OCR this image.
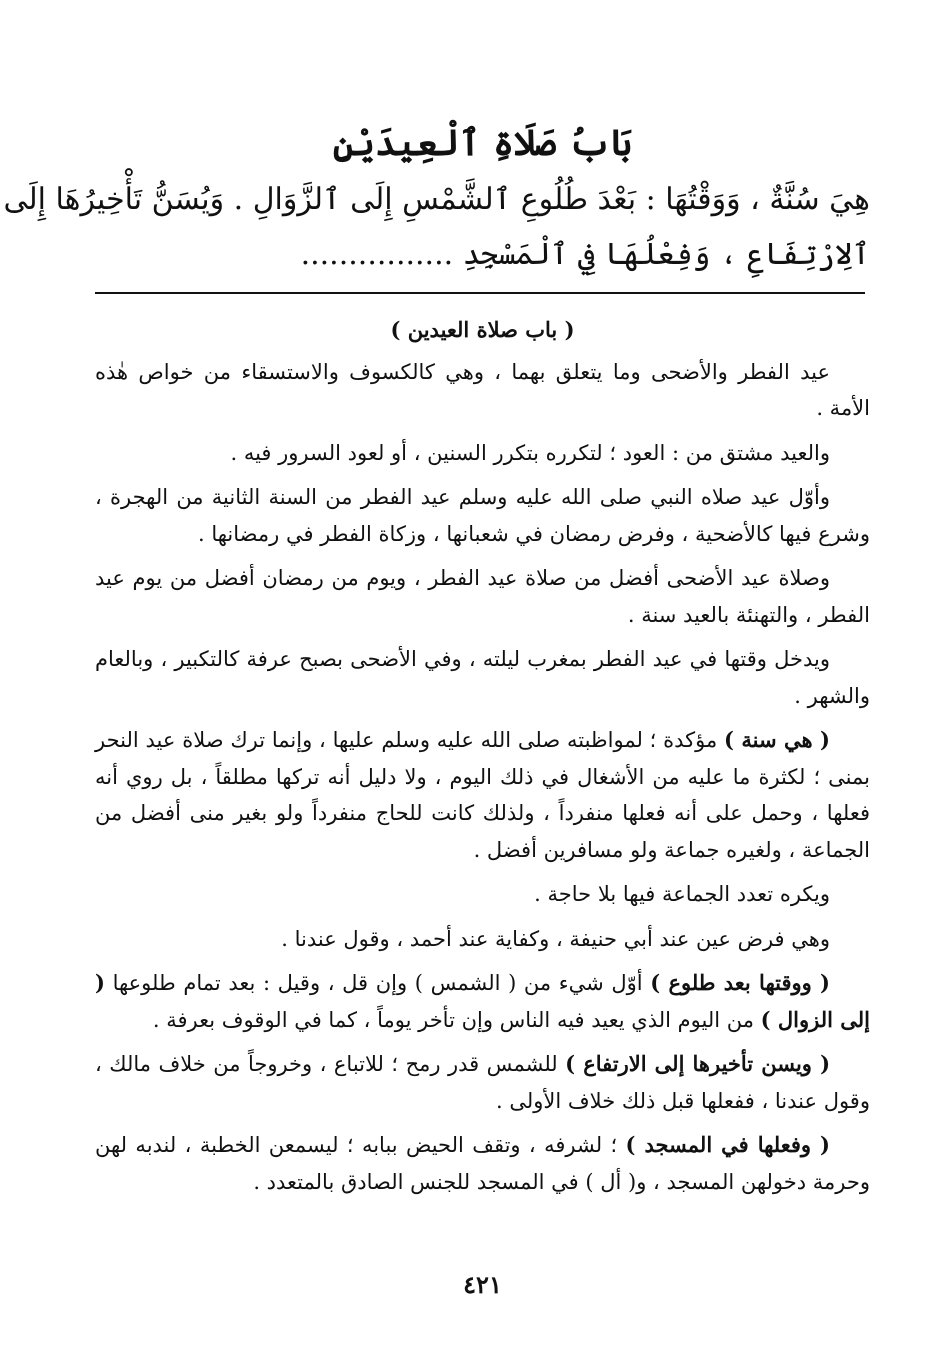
بَابُ صَلَاةِ ٱلْعِيدَيْنِ
هِيَ سُنَّةٌ ، وَوَقْتُهَا : بَعْدَ طُلُوعِ ٱلشَّمْسِ إِلَى ٱلزَّوَالِ . وَيُسَنُّ تَأْخِيرُهَا إِلَى
ٱلِارْتِفَاعِ ، وَفِعْلُهَا فِي ٱلْمَسْجِدِ ................

( باب صلاة العيدين )

عيد الفطر والأضحى وما يتعلق بهما ، وهي كالكسوف والاستسقاء من خواص هٰذه الأمة .

والعيد مشتق من : العود ؛ لتكرره بتكرر السنين ، أو لعود السرور فيه .

وأوّل عيد صلاه النبي صلى الله عليه وسلم عيد الفطر من السنة الثانية من الهجرة ، وشرع فيها كالأضحية ، وفرض رمضان في شعبانها ، وزكاة الفطر في رمضانها .

وصلاة عيد الأضحى أفضل من صلاة عيد الفطر ، ويوم من رمضان أفضل من يوم عيد الفطر ، والتهنئة بالعيد سنة .

ويدخل وقتها في عيد الفطر بمغرب ليلته ، وفي الأضحى بصبح عرفة كالتكبير ، وبالعام والشهر .

( هي سنة ) مؤكدة ؛ لمواظبته صلى الله عليه وسلم عليها ، وإنما ترك صلاة عيد النحر بمنى ؛ لكثرة ما عليه من الأشغال في ذلك اليوم ، ولا دليل أنه تركها مطلقاً ، بل روي أنه فعلها ، وحمل على أنه فعلها منفرداً ، ولذلك كانت للحاج منفرداً ولو بغير منى أفضل من الجماعة ، ولغيره جماعة ولو مسافرين أفضل .

ويكره تعدد الجماعة فيها بلا حاجة .

وهي فرض عين عند أبي حنيفة ، وكفاية عند أحمد ، وقول عندنا .

( ووقتها بعد طلوع ) أوّل شيء من ( الشمس ) وإن قل ، وقيل : بعد تمام طلوعها ( إلى الزوال ) من اليوم الذي يعيد فيه الناس وإن تأخر يوماً ، كما في الوقوف بعرفة .

( ويسن تأخيرها إلى الارتفاع ) للشمس قدر رمح ؛ للاتباع ، وخروجاً من خلاف مالك ، وقول عندنا ، ففعلها قبل ذلك خلاف الأولى .

( وفعلها في المسجد ) ؛ لشرفه ، وتقف الحيض ببابه ؛ ليسمعن الخطبة ، لندبه لهن وحرمة دخولهن المسجد ، و( أل ) في المسجد للجنس الصادق بالمتعدد .

٤٢١
